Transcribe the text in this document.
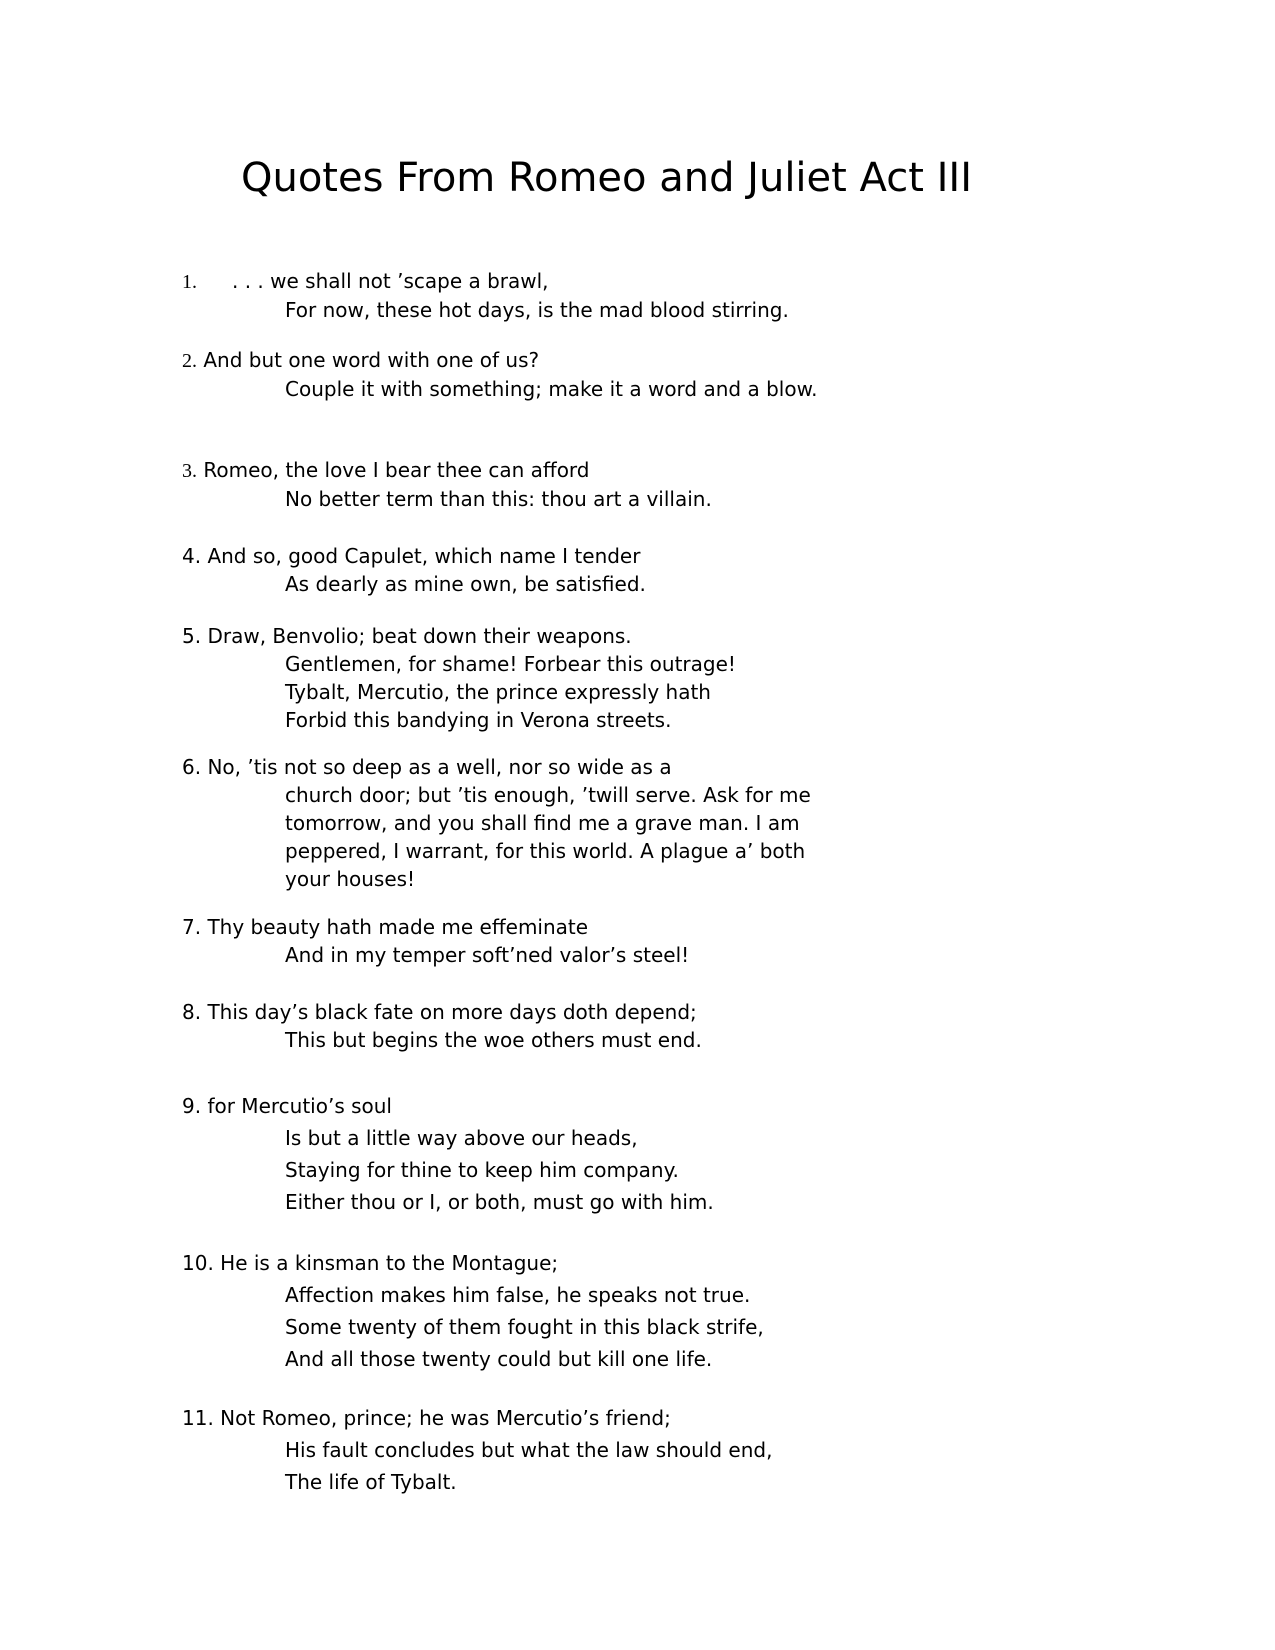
Quotes From Romeo and Juliet Act III

1. . . . we shall not ’scape a brawl,
For now, these hot days, is the mad blood stirring.

2. And but one word with one of us?
Couple it with something; make it a word and a blow.

3. Romeo, the love I bear thee can afford
No better term than this: thou art a villain.

4. And so, good Capulet, which name I tender
As dearly as mine own, be satisfied.

5. Draw, Benvolio; beat down their weapons.
Gentlemen, for shame! Forbear this outrage!
Tybalt, Mercutio, the prince expressly hath
Forbid this bandying in Verona streets.

6. No, ’tis not so deep as a well, nor so wide as a
church door; but ’tis enough, ’twill serve. Ask for me
tomorrow, and you shall find me a grave man. I am
peppered, I warrant, for this world. A plague a’ both
your houses!

7. Thy beauty hath made me effeminate
And in my temper soft’ned valor’s steel!

8. This day’s black fate on more days doth depend;
This but begins the woe others must end.

9. for Mercutio’s soul
Is but a little way above our heads,
Staying for thine to keep him company.
Either thou or I, or both, must go with him.

10. He is a kinsman to the Montague;
Affection makes him false, he speaks not true.
Some twenty of them fought in this black strife,
And all those twenty could but kill one life.

11. Not Romeo, prince; he was Mercutio’s friend;
His fault concludes but what the law should end,
The life of Tybalt.
